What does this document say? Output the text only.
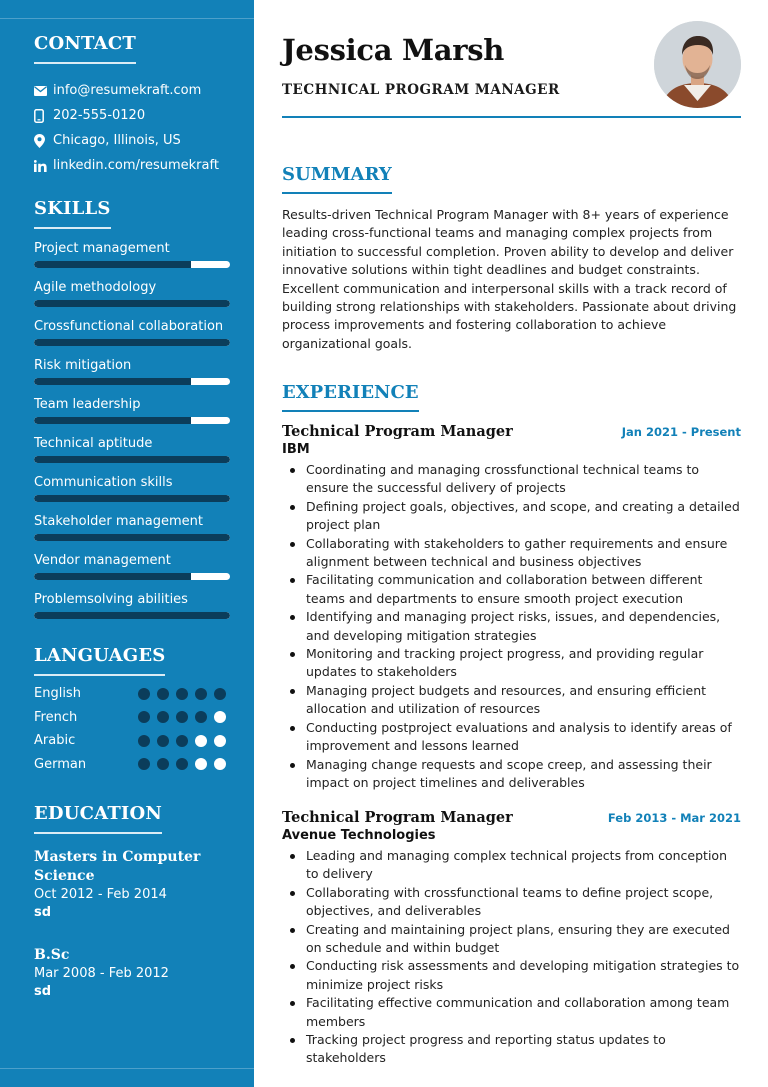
CONTACT
info@resumekraft.com
202-555-0120
Chicago, Illinois, US
linkedin.com/resumekraft
SKILLS
Project management
Agile methodology
Crossfunctional collaboration
Risk mitigation
Team leadership
Technical aptitude
Communication skills
Stakeholder management
Vendor management
Problemsolving abilities
LANGUAGES
English
French
Arabic
German
EDUCATION
Masters in Computer Science
Oct 2012 - Feb 2014
sd
B.Sc
Mar 2008 - Feb 2012
sd
Jessica Marsh
TECHNICAL PROGRAM MANAGER
SUMMARY
Results-driven Technical Program Manager with 8+ years of experience leading cross-functional teams and managing complex projects from initiation to successful completion. Proven ability to develop and deliver innovative solutions within tight deadlines and budget constraints. Excellent communication and interpersonal skills with a track record of building strong relationships with stakeholders. Passionate about driving process improvements and fostering collaboration to achieve organizational goals.
EXPERIENCE
Technical Program Manager	Jan 2021 - Present
IBM
Coordinating and managing crossfunctional technical teams to ensure the successful delivery of projects
Defining project goals, objectives, and scope, and creating a detailed project plan
Collaborating with stakeholders to gather requirements and ensure alignment between technical and business objectives
Facilitating communication and collaboration between different teams and departments to ensure smooth project execution
Identifying and managing project risks, issues, and dependencies, and developing mitigation strategies
Monitoring and tracking project progress, and providing regular updates to stakeholders
Managing project budgets and resources, and ensuring efficient allocation and utilization of resources
Conducting postproject evaluations and analysis to identify areas of improvement and lessons learned
Managing change requests and scope creep, and assessing their impact on project timelines and deliverables
Technical Program Manager	Feb 2013 - Mar 2021
Avenue Technologies
Leading and managing complex technical projects from conception to delivery
Collaborating with crossfunctional teams to define project scope, objectives, and deliverables
Creating and maintaining project plans, ensuring they are executed on schedule and within budget
Conducting risk assessments and developing mitigation strategies to minimize project risks
Facilitating effective communication and collaboration among team members
Tracking project progress and reporting status updates to stakeholders
